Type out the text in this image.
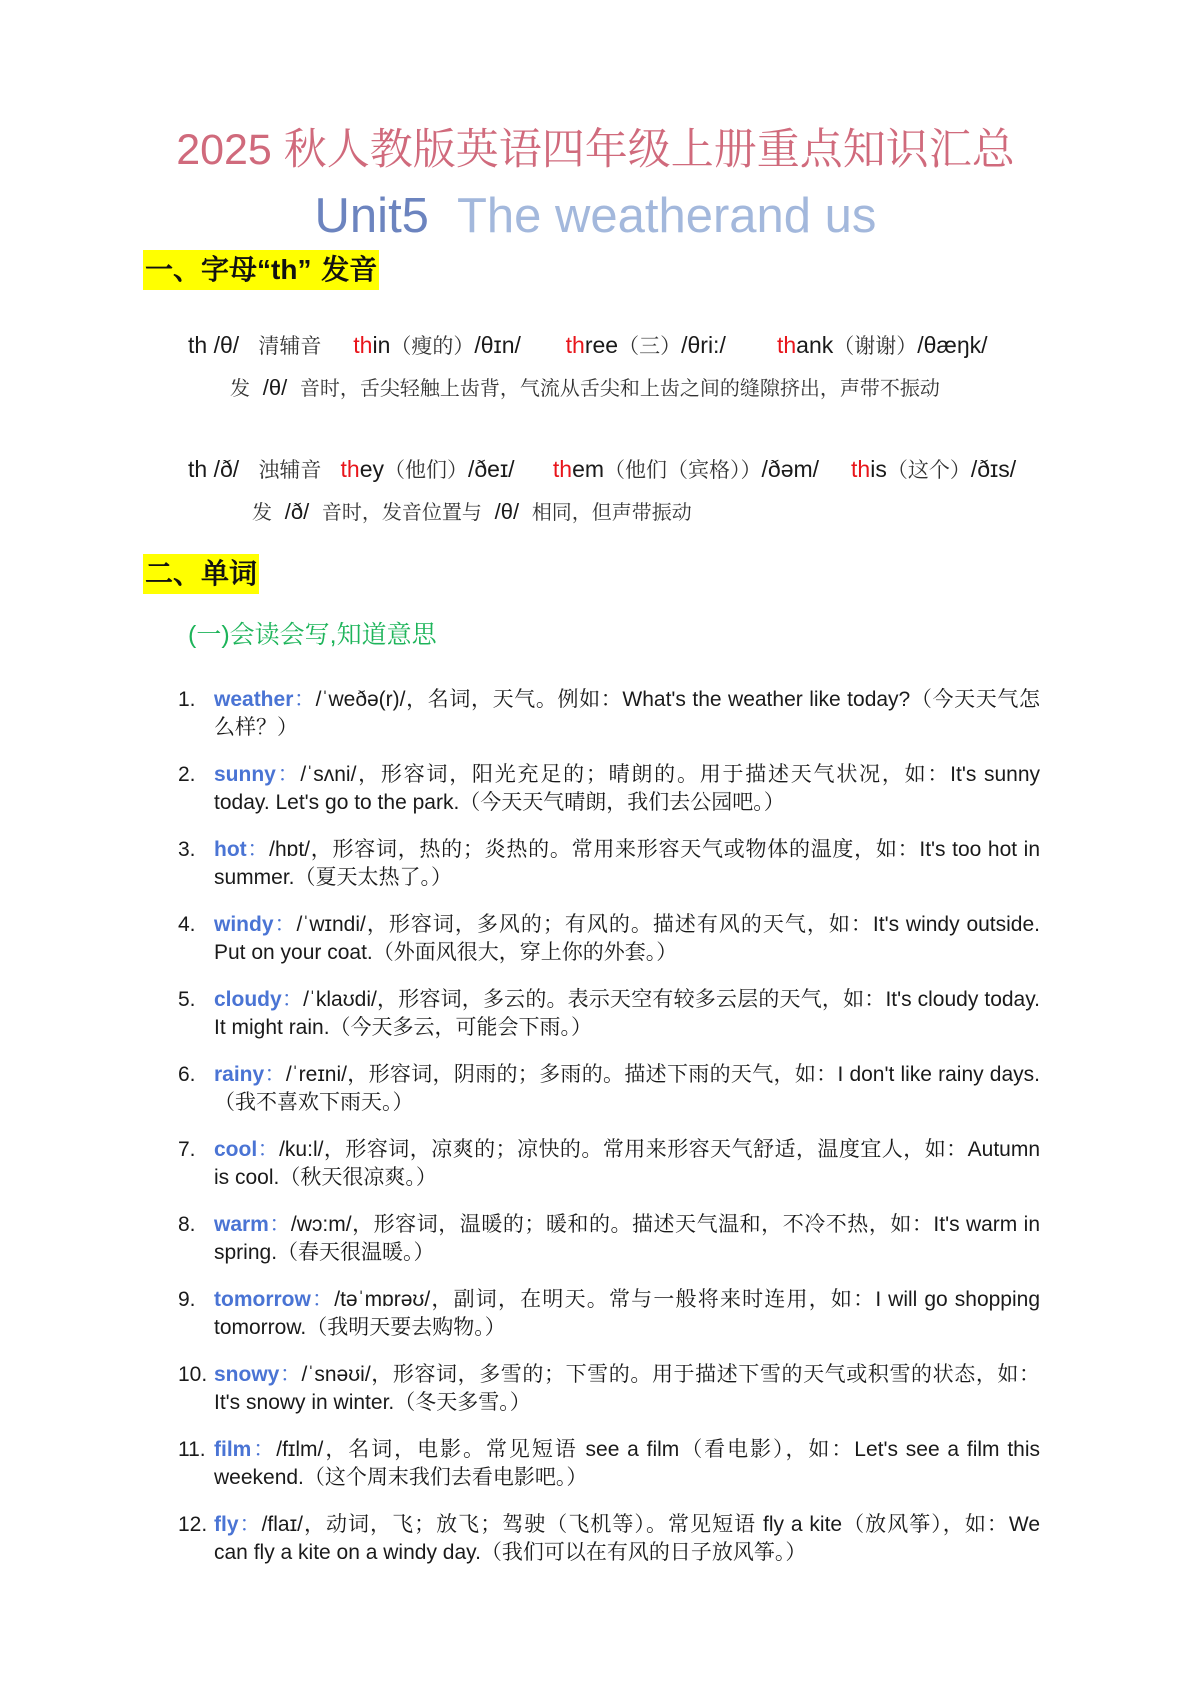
2025 秋人教版英语四年级上册重点知识汇总
Unit5 The weatherand us
一、字母“th” 发音
th /θ/ 清辅音 thin（瘦的）/θɪn/ three（三）/θri:/ thank（谢谢）/θæŋk/
发 /θ/ 音时，舌尖轻触上齿背，气流从舌尖和上齿之间的缝隙挤出，声带不振动
th /ð/ 浊辅音 they（他们）/ðeɪ/ them（他们（宾格））/ðəm/ this（这个）/ðɪs/
发 /ð/ 音时，发音位置与 /θ/ 相同，但声带振动
二、单词
(一)会读会写,知道意思
1. weather：/ˈweðə(r)/，名词，天气。例如：What's the weather like today?（今天天气怎么样？）
2. sunny：/ˈsʌni/，形容词，阳光充足的；晴朗的。用于描述天气状况，如：It's sunny today. Let's go to the park.（今天天气晴朗，我们去公园吧。）
3. hot：/hɒt/，形容词，热的；炎热的。常用来形容天气或物体的温度，如：It's too hot in summer.（夏天太热了。）
4. windy：/ˈwɪndi/，形容词，多风的；有风的。描述有风的天气，如：It's windy outside. Put on your coat.（外面风很大，穿上你的外套。）
5. cloudy：/ˈklaʊdi/，形容词，多云的。表示天空有较多云层的天气，如：It's cloudy today. It might rain.（今天多云，可能会下雨。）
6. rainy：/ˈreɪni/，形容词，阴雨的；多雨的。描述下雨的天气，如：I don't like rainy days.（我不喜欢下雨天。）
7. cool：/ku:l/，形容词，凉爽的；凉快的。常用来形容天气舒适，温度宜人，如：Autumn is cool.（秋天很凉爽。）
8. warm：/wɔ:m/，形容词，温暖的；暖和的。描述天气温和，不冷不热，如：It's warm in spring.（春天很温暖。）
9. tomorrow：/təˈmɒrəʊ/，副词，在明天。常与一般将来时连用，如：I will go shopping tomorrow.（我明天要去购物。）
10. snowy：/ˈsnəʊi/，形容词，多雪的；下雪的。用于描述下雪的天气或积雪的状态，如：It's snowy in winter.（冬天多雪。）
11. film：/fɪlm/，名词，电影。常见短语 see a film（看电影），如：Let's see a film this weekend.（这个周末我们去看电影吧。）
12. fly：/flaɪ/，动词，飞；放飞；驾驶（飞机等）。常见短语 fly a kite（放风筝），如：We can fly a kite on a windy day.（我们可以在有风的日子放风筝。）
